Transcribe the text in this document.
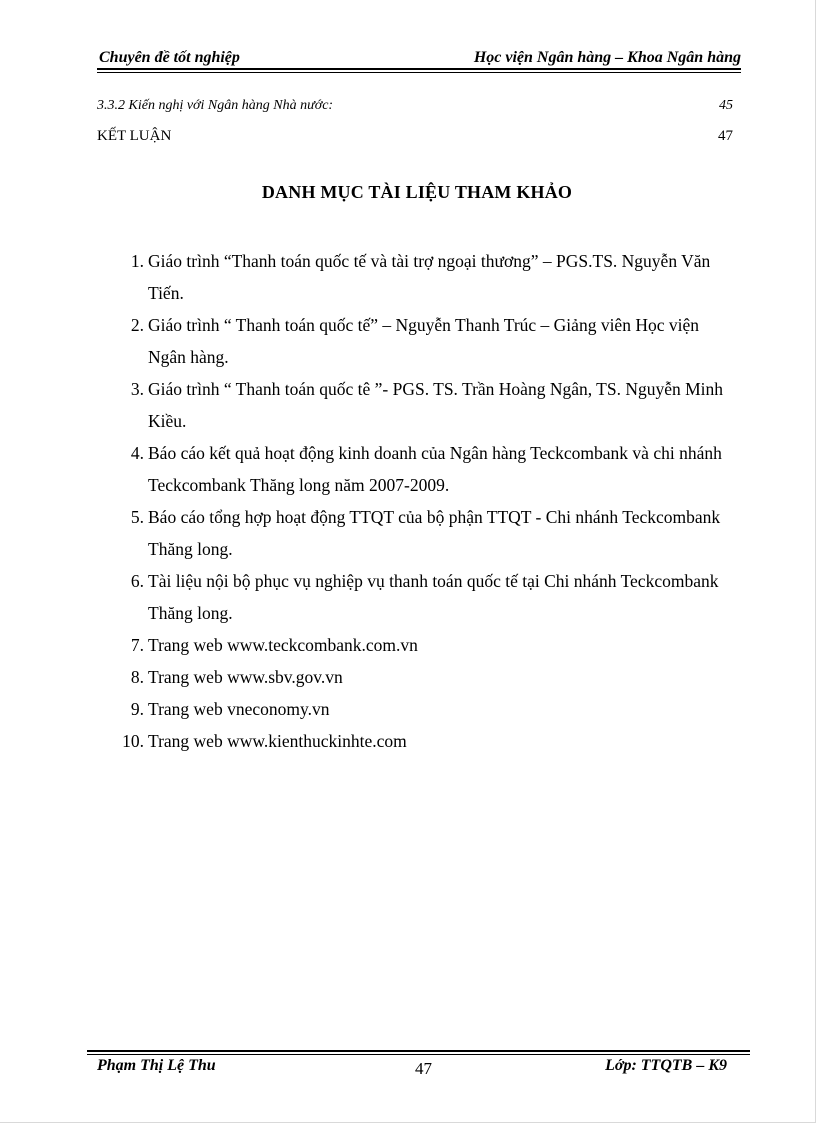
Chuyên đề tốt nghiệp	Học viện Ngân hàng – Khoa Ngân hàng
3.3.2 Kiến nghị với Ngân hàng Nhà nước:	45
KẾT LUẬN	47
DANH MỤC TÀI LIỆU THAM KHẢO
1. Giáo trình “Thanh toán quốc tế và tài trợ ngoại thương” – PGS.TS. Nguyễn Văn Tiến.
2. Giáo trình “ Thanh toán quốc tế” – Nguyễn Thanh Trúc – Giảng viên Học viện Ngân hàng.
3. Giáo trình “ Thanh toán quốc tê ”- PGS. TS. Trần Hoàng Ngân, TS. Nguyễn Minh Kiều.
4. Báo cáo kết quả hoạt động kinh doanh của Ngân hàng Teckcombank và chi nhánh Teckcombank Thăng long năm 2007-2009.
5. Báo cáo tổng hợp hoạt động TTQT của bộ phận TTQT - Chi nhánh Teckcombank Thăng long.
6. Tài liệu nội bộ phục vụ nghiệp vụ thanh toán quốc tế tại Chi nhánh Teckcombank Thăng long.
7. Trang web www.teckcombank.com.vn
8. Trang web www.sbv.gov.vn
9. Trang web vneconomy.vn
10. Trang web www.kienthuckinhte.com
Phạm Thị Lệ Thu	47	Lớp: TTQTB – K9
